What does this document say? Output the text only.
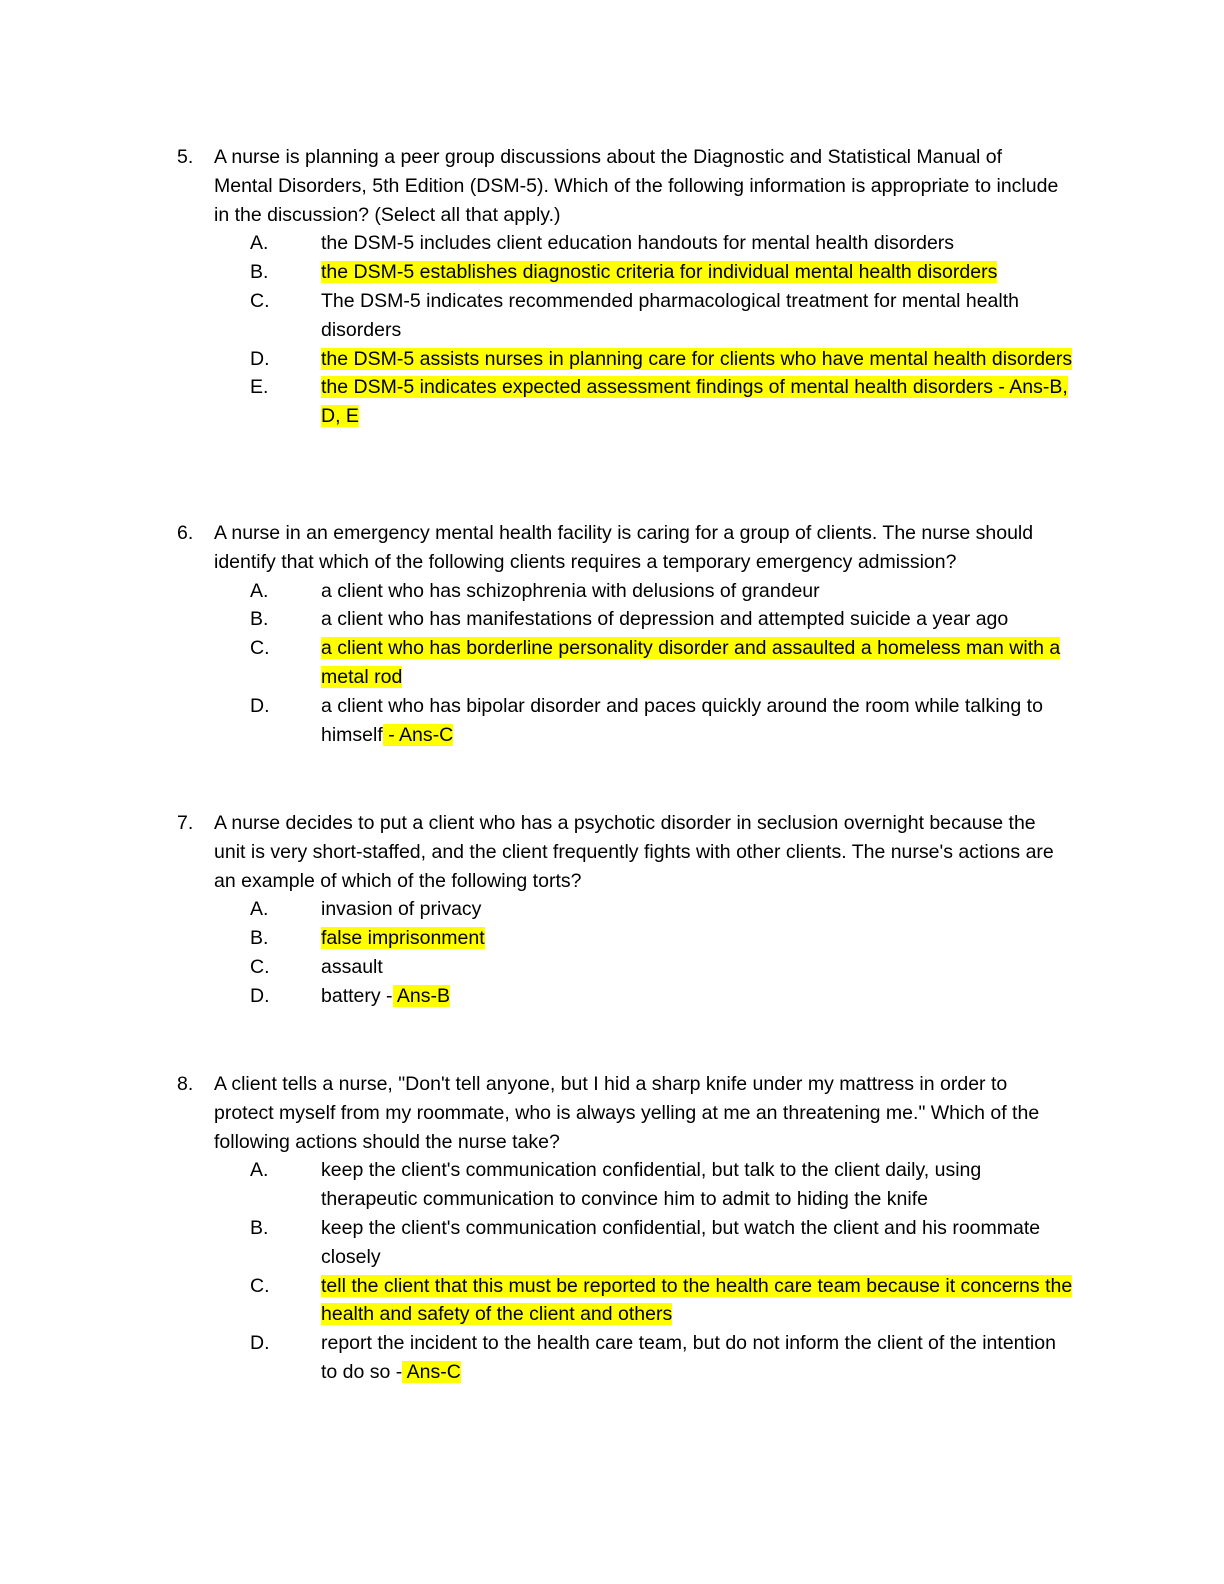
5. A nurse is planning a peer group discussions about the Diagnostic and Statistical Manual of Mental Disorders, 5th Edition (DSM-5). Which of the following information is appropriate to include in the discussion? (Select all that apply.)
A.	the DSM-5 includes client education handouts for mental health disorders
B.	the DSM-5 establishes diagnostic criteria for individual mental health disorders
C.	The DSM-5 indicates recommended pharmacological treatment for mental health disorders
D.	the DSM-5 assists nurses in planning care for clients who have mental health disorders
E.	the DSM-5 indicates expected assessment findings of mental health disorders - Ans-B, D, E
6. A nurse in an emergency mental health facility is caring for a group of clients. The nurse should identify that which of the following clients requires a temporary emergency admission?
A.	a client who has schizophrenia with delusions of grandeur
B.	a client who has manifestations of depression and attempted suicide a year ago
C.	a client who has borderline personality disorder and assaulted a homeless man with a metal rod
D.	a client who has bipolar disorder and paces quickly around the room while talking to himself - Ans-C
7. A nurse decides to put a client who has a psychotic disorder in seclusion overnight because the unit is very short-staffed, and the client frequently fights with other clients. The nurse's actions are an example of which of the following torts?
A.	invasion of privacy
B.	false imprisonment
C.	assault
D.	battery - Ans-B
8. A client tells a nurse, "Don't tell anyone, but I hid a sharp knife under my mattress in order to protect myself from my roommate, who is always yelling at me an threatening me." Which of the following actions should the nurse take?
A.	keep the client's communication confidential, but talk to the client daily, using therapeutic communication to convince him to admit to hiding the knife
B.	keep the client's communication confidential, but watch the client and his roommate closely
C.	tell the client that this must be reported to the health care team because it concerns the health and safety of the client and others
D.	report the incident to the health care team, but do not inform the client of the intention to do so - Ans-C
